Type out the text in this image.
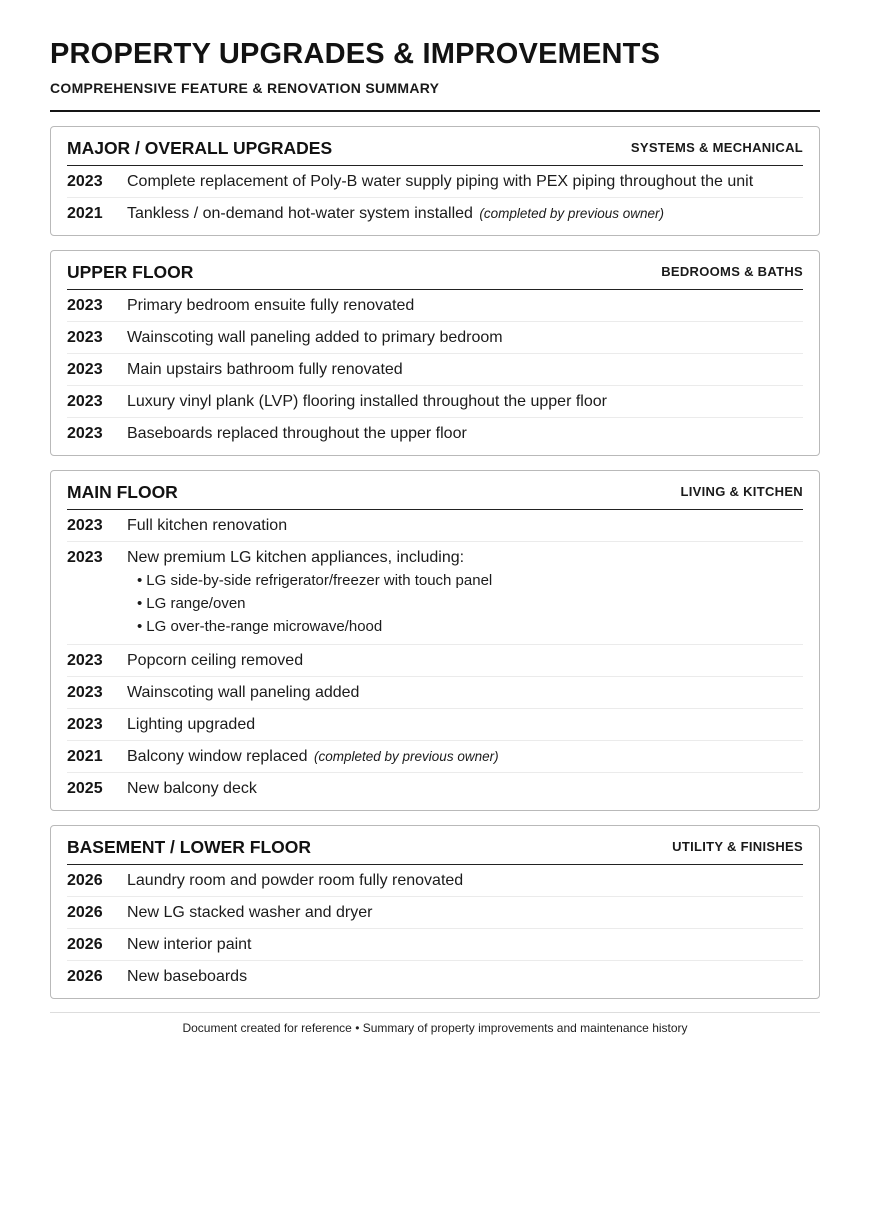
PROPERTY UPGRADES & IMPROVEMENTS
COMPREHENSIVE FEATURE & RENOVATION SUMMARY
MAJOR / OVERALL UPGRADES	SYSTEMS & MECHANICAL
2023	Complete replacement of Poly-B water supply piping with PEX piping throughout the unit
2021	Tankless / on-demand hot-water system installed (completed by previous owner)
UPPER FLOOR	BEDROOMS & BATHS
2023	Primary bedroom ensuite fully renovated
2023	Wainscoting wall paneling added to primary bedroom
2023	Main upstairs bathroom fully renovated
2023	Luxury vinyl plank (LVP) flooring installed throughout the upper floor
2023	Baseboards replaced throughout the upper floor
MAIN FLOOR	LIVING & KITCHEN
2023	Full kitchen renovation
2023	New premium LG kitchen appliances, including:
• LG side-by-side refrigerator/freezer with touch panel
• LG range/oven
• LG over-the-range microwave/hood
2023	Popcorn ceiling removed
2023	Wainscoting wall paneling added
2023	Lighting upgraded
2021	Balcony window replaced (completed by previous owner)
2025	New balcony deck
BASEMENT / LOWER FLOOR	UTILITY & FINISHES
2026	Laundry room and powder room fully renovated
2026	New LG stacked washer and dryer
2026	New interior paint
2026	New baseboards
Document created for reference • Summary of property improvements and maintenance history
